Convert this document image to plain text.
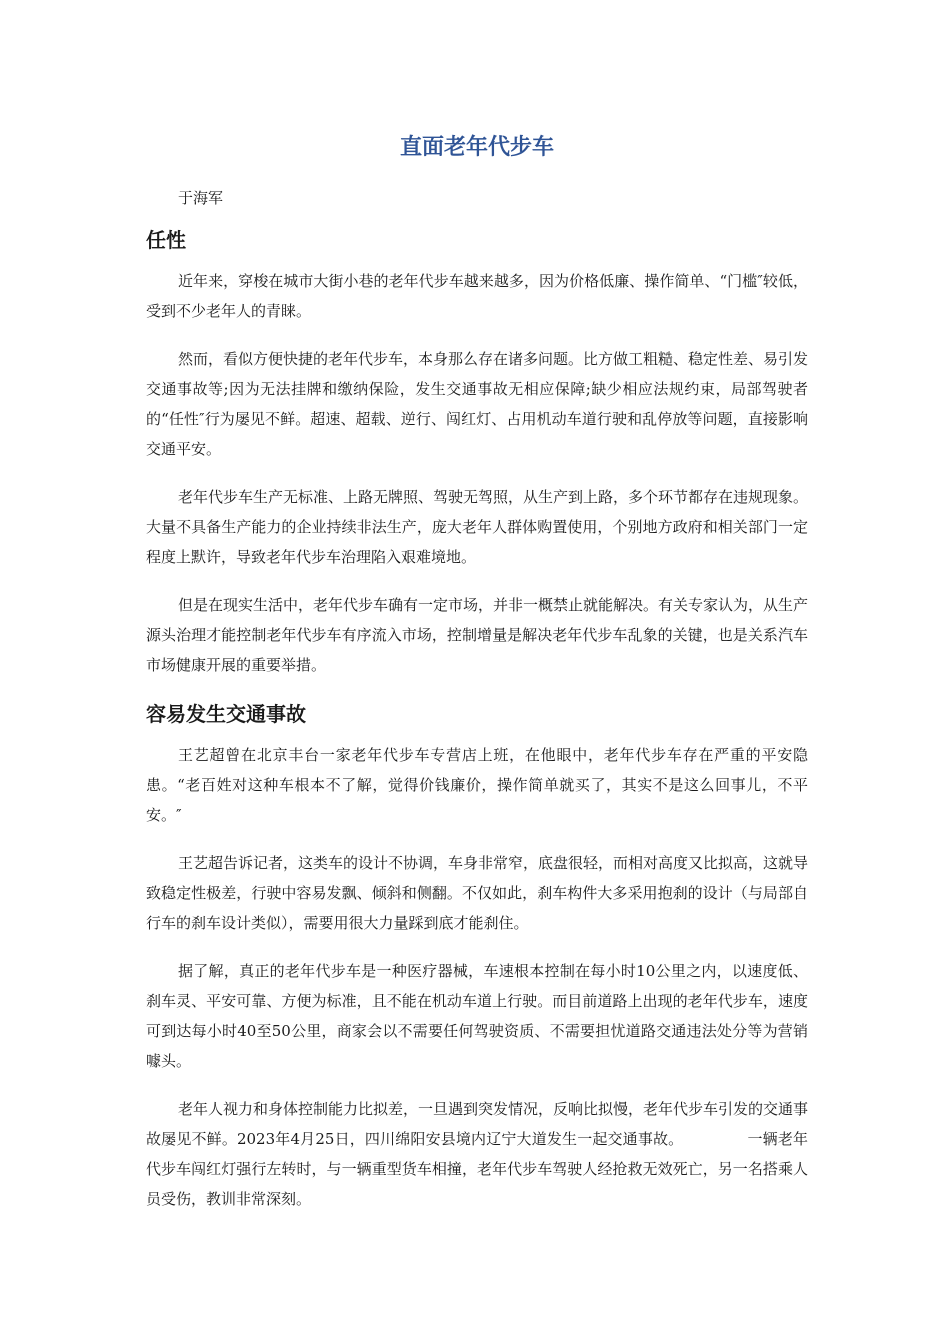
直面老年代步车
于海军
任性

近年来，穿梭在城市大街小巷的老年代步车越来越多，因为价格低廉、操作简单、“门槛″较低，受到不少老年人的青睐。

然而，看似方便快捷的老年代步车，本身那么存在诸多问题。比方做工粗糙、稳定性差、易引发交通事故等;因为无法挂牌和缴纳保险，发生交通事故无相应保障;缺少相应法规约束，局部驾驶者的“任性″行为屡见不鲜。超速、超载、逆行、闯红灯、占用机动车道行驶和乱停放等问题，直接影响交通平安。

老年代步车生产无标准、上路无牌照、驾驶无驾照，从生产到上路，多个环节都存在违规现象。大量不具备生产能力的企业持续非法生产，庞大老年人群体购置使用，个别地方政府和相关部门一定程度上默许，导致老年代步车治理陷入艰难境地。

但是在现实生活中，老年代步车确有一定市场，并非一概禁止就能解决。有关专家认为，从生产源头治理才能控制老年代步车有序流入市场，控制增量是解决老年代步车乱象的关键，也是关系汽车市场健康开展的重要举措。

容易发生交通事故

王艺超曾在北京丰台一家老年代步车专营店上班，在他眼中，老年代步车存在严重的平安隐患。“老百姓对这种车根本不了解，觉得价钱廉价，操作简单就买了，其实不是这么回事儿，不平安。″

王艺超告诉记者，这类车的设计不协调，车身非常窄，底盘很轻，而相对高度又比拟高，这就导致稳定性极差，行驶中容易发飘、倾斜和侧翻。不仅如此，刹车构件大多采用抱刹的设计（与局部自行车的刹车设计类似），需要用很大力量踩到底才能刹住。

据了解，真正的老年代步车是一种医疗器械，车速根本控制在每小时10公里之内，以速度低、刹车灵、平安可靠、方便为标准，且不能在机动车道上行驶。而目前道路上出现的老年代步车，速度可到达每小时40至50公里，商家会以不需要任何驾驶资质、不需要担忧道路交通违法处分等为营销噱头。

老年人视力和身体控制能力比拟差，一旦遇到突发情况，反响比拟慢，老年代步车引发的交通事故屡见不鲜。2023年4月25日，四川绵阳安县境内辽宁大道发生一起交通事故。	一辆老年代步车闯红灯强行左转时，与一辆重型货车相撞，老年代步车驾驶人经抢救无效死亡，另一名搭乘人员受伤，教训非常深刻。
